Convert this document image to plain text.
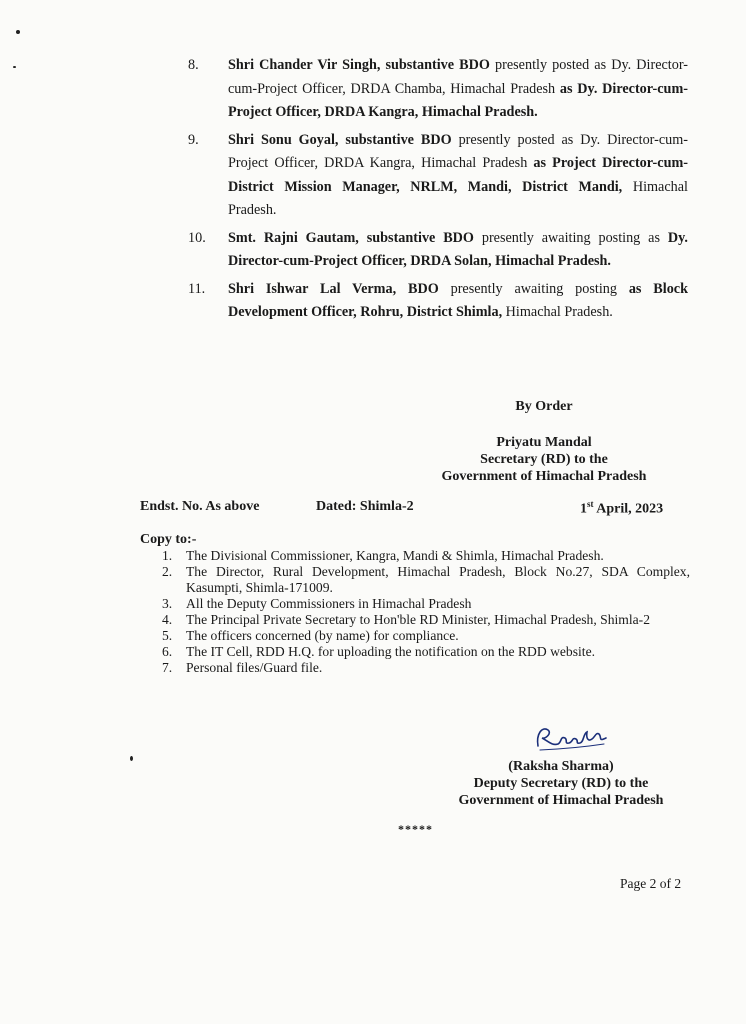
8. Shri Chander Vir Singh, substantive BDO presently posted as Dy. Director-cum-Project Officer, DRDA Chamba, Himachal Pradesh as Dy. Director-cum-Project Officer, DRDA Kangra, Himachal Pradesh.
9. Shri Sonu Goyal, substantive BDO presently posted as Dy. Director-cum-Project Officer, DRDA Kangra, Himachal Pradesh as Project Director-cum-District Mission Manager, NRLM, Mandi, District Mandi, Himachal Pradesh.
10. Smt. Rajni Gautam, substantive BDO presently awaiting posting as Dy. Director-cum-Project Officer, DRDA Solan, Himachal Pradesh.
11. Shri Ishwar Lal Verma, BDO presently awaiting posting as Block Development Officer, Rohru, District Shimla, Himachal Pradesh.
By Order
Priyatu Mandal
Secretary (RD) to the
Government of Himachal Pradesh
Endst. No. As above	Dated: Shimla-2	1st April, 2023
Copy to:-
1. The Divisional Commissioner, Kangra, Mandi & Shimla, Himachal Pradesh.
2. The Director, Rural Development, Himachal Pradesh, Block No.27, SDA Complex, Kasumpti, Shimla-171009.
3. All the Deputy Commissioners in Himachal Pradesh
4. The Principal Private Secretary to Hon'ble RD Minister, Himachal Pradesh, Shimla-2
5. The officers concerned (by name) for compliance.
6. The IT Cell, RDD H.Q. for uploading the notification on the RDD website.
7. Personal files/Guard file.
(Raksha Sharma)
Deputy Secretary (RD) to the
Government of Himachal Pradesh
*****
Page 2 of 2
